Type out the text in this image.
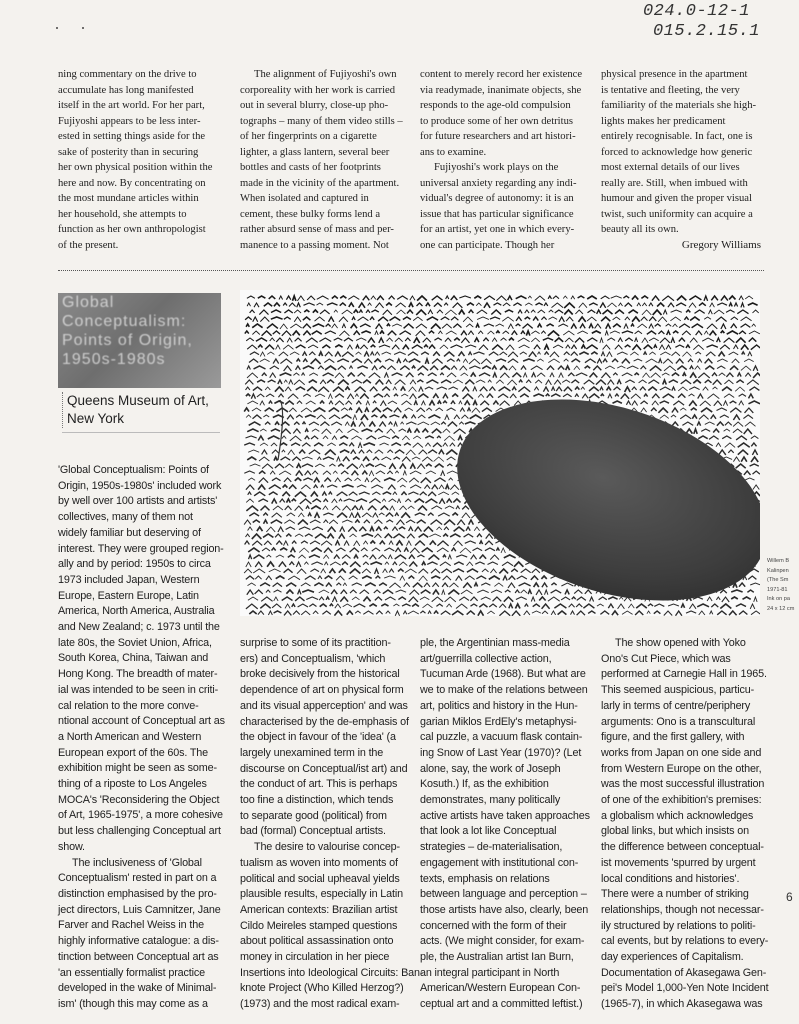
024.0-12-1
015.2.15.1
ning commentary on the drive to
accumulate has long manifested
itself in the art world. For her part,
Fujiyoshi appears to be less inter-
ested in setting things aside for the
sake of posterity than in securing
her own physical position within the
here and now. By concentrating on
the most mundane articles within
her household, she attempts to
function as her own anthropologist
of the present.
The alignment of Fujiyoshi's own
corporeality with her work is carried
out in several blurry, close-up pho-
tographs – many of them video stills –
of her fingerprints on a cigarette
lighter, a glass lantern, several beer
bottles and casts of her footprints
made in the vicinity of the apartment.
When isolated and captured in
cement, these bulky forms lend a
rather absurd sense of mass and per-
manence to a passing moment. Not
content to merely record her existence
via readymade, inanimate objects, she
responds to the age-old compulsion
to produce some of her own detritus
for future researchers and art histori-
ans to examine.
Fujiyoshi's work plays on the
universal anxiety regarding any indi-
vidual's degree of autonomy: it is an
issue that has particular significance
for an artist, yet one in which every-
one can participate. Though her
physical presence in the apartment
is tentative and fleeting, the very
familiarity of the materials she high-
lights makes her predicament
entirely recognisable. In fact, one is
forced to acknowledge how generic
most external details of our lives
really are. Still, when imbued with
humour and given the proper visual
twist, such uniformity can acquire a
beauty all its own.
Gregory Williams
Global
Conceptualism:
Points of Origin,
1950s-1980s
Queens Museum of Art,
New York
Willem B
Kalinpen
(The Sm
1971-81
Ink on pa
24 x 12 cm
'Global Conceptualism: Points of
Origin, 1950s-1980s' included work
by well over 100 artists and artists'
collectives, many of them not
widely familiar but deserving of
interest. They were grouped region-
ally and by period: 1950s to circa
1973 included Japan, Western
Europe, Eastern Europe, Latin
America, North America, Australia
and New Zealand; c. 1973 until the
late 80s, the Soviet Union, Africa,
South Korea, China, Taiwan and
Hong Kong. The breadth of mater-
ial was intended to be seen in criti-
cal relation to the more conve-
ntional account of Conceptual art as
a North American and Western
European export of the 60s. The
exhibition might be seen as some-
thing of a riposte to Los Angeles
MOCA's 'Reconsidering the Object
of Art, 1965-1975', a more cohesive
but less challenging Conceptual art
show.
The inclusiveness of 'Global
Conceptualism' rested in part on a
distinction emphasised by the pro-
ject directors, Luis Camnitzer, Jane
Farver and Rachel Weiss in the
highly informative catalogue: a dis-
tinction between Conceptual art as
'an essentially formalist practice
developed in the wake of Minimal-
ism' (though this may come as a
surprise to some of its practition-
ers) and Conceptualism, 'which
broke decisively from the historical
dependence of art on physical form
and its visual apperception' and was
characterised by the de-emphasis of
the object in favour of the 'idea' (a
largely unexamined term in the
discourse on Conceptual/ist art) and
the conduct of art. This is perhaps
too fine a distinction, which tends
to separate good (political) from
bad (formal) Conceptual artists.
The desire to valourise concep-
tualism as woven into moments of
political and social upheaval yields
plausible results, especially in Latin
American contexts: Brazilian artist
Cildo Meireles stamped questions
about political assassination onto
money in circulation in her piece
Insertions into Ideological Circuits: Ban-
knote Project (Who Killed Herzog?)
(1973) and the most radical exam-
ple, the Argentinian mass-media
art/guerrilla collective action,
Tucuman Arde (1968). But what are
we to make of the relations between
art, politics and history in the Hun-
garian Miklos ErdEly's metaphysi-
cal puzzle, a vacuum flask contain-
ing Snow of Last Year (1970)? (Let
alone, say, the work of Joseph
Kosuth.) If, as the exhibition
demonstrates, many politically
active artists have taken approaches
that look a lot like Conceptual
strategies – de-materialisation,
engagement with institutional con-
texts, emphasis on relations
between language and perception –
those artists have also, clearly, been
concerned with the form of their
acts. (We might consider, for exam-
ple, the Australian artist Ian Burn,
an integral participant in North
American/Western European Con-
ceptual art and a committed leftist.)
The show opened with Yoko
Ono's Cut Piece, which was
performed at Carnegie Hall in 1965.
This seemed auspicious, particu-
larly in terms of centre/periphery
arguments: Ono is a transcultural
figure, and the first gallery, with
works from Japan on one side and
from Western Europe on the other,
was the most successful illustration
of one of the exhibition's premises:
a globalism which acknowledges
global links, but which insists on
the difference between conceptual-
ist movements 'spurred by urgent
local conditions and histories'.
There were a number of striking
relationships, though not necessar-
ily structured by relations to politi-
cal events, but by relations to every-
day experiences of Capitalism.
Documentation of Akasegawa Gen-
pei's Model 1,000-Yen Note Incident
(1965-7), in which Akasegawa was
6
